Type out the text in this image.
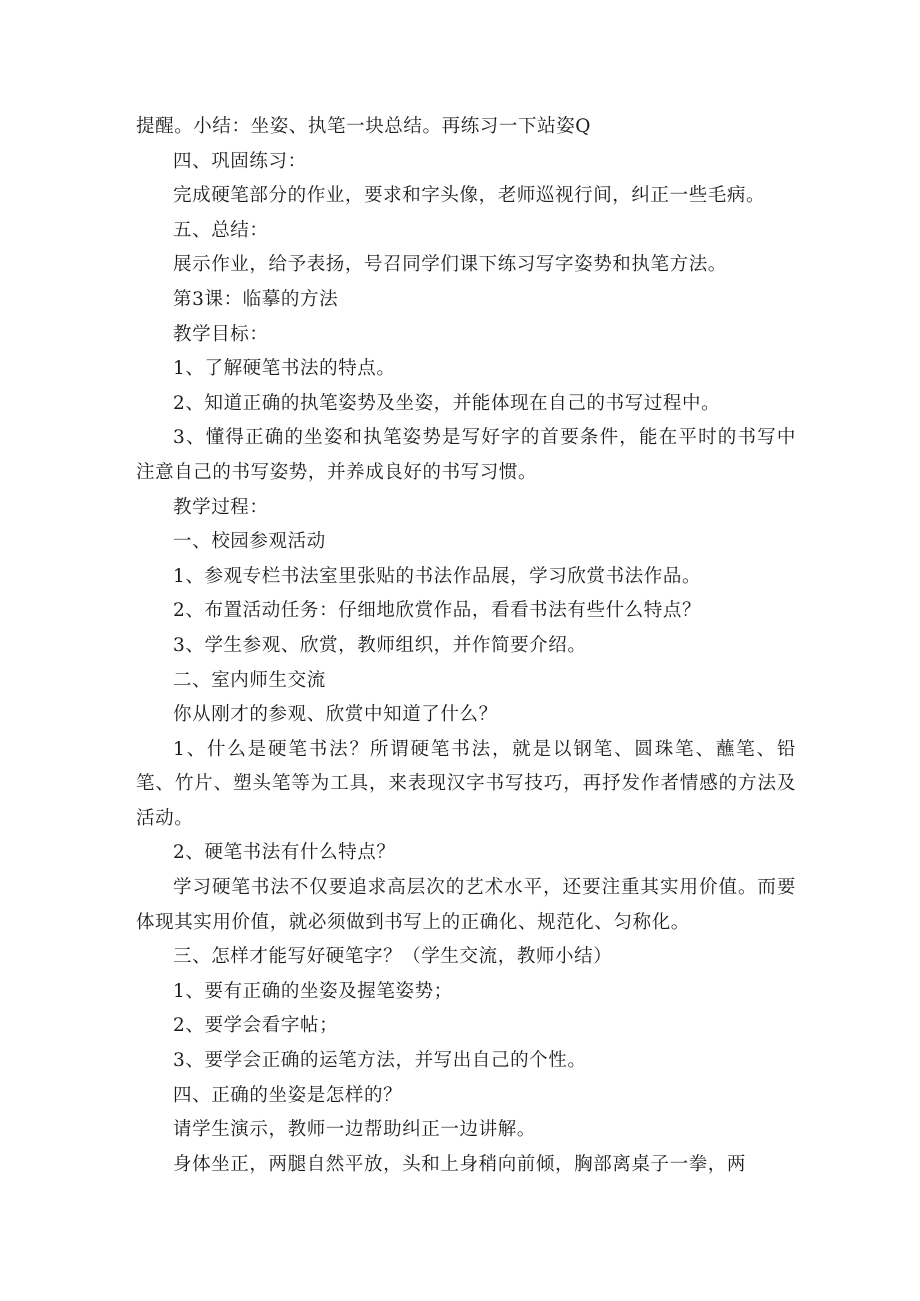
提醒。小结：坐姿、执笔一块总结。再练习一下站姿Q

四、巩固练习：

完成硬笔部分的作业，要求和字头像，老师巡视行间，纠正一些毛病。

五、总结：

展示作业，给予表扬，号召同学们课下练习写字姿势和执笔方法。

第3课：临摹的方法

教学目标：

1、了解硬笔书法的特点。

2、知道正确的执笔姿势及坐姿，并能体现在自己的书写过程中。

3、懂得正确的坐姿和执笔姿势是写好字的首要条件，能在平时的书写中注意自己的书写姿势，并养成良好的书写习惯。

教学过程：

一、校园参观活动

1、参观专栏书法室里张贴的书法作品展，学习欣赏书法作品。

2、布置活动任务：仔细地欣赏作品，看看书法有些什么特点？

3、学生参观、欣赏，教师组织，并作简要介绍。

二、室内师生交流

你从刚才的参观、欣赏中知道了什么？

1、什么是硬笔书法？所谓硬笔书法，就是以钢笔、圆珠笔、蘸笔、铅笔、竹片、塑头笔等为工具，来表现汉字书写技巧，再抒发作者情感的方法及活动。

2、硬笔书法有什么特点？

学习硬笔书法不仅要追求高层次的艺术水平，还要注重其实用价值。而要体现其实用价值，就必须做到书写上的正确化、规范化、匀称化。

三、怎样才能写好硬笔字？（学生交流，教师小结）

1、要有正确的坐姿及握笔姿势；

2、要学会看字帖；

3、要学会正确的运笔方法，并写出自己的个性。

四、正确的坐姿是怎样的？

请学生演示，教师一边帮助纠正一边讲解。

身体坐正，两腿自然平放，头和上身稍向前倾，胸部离桌子一拳，两
